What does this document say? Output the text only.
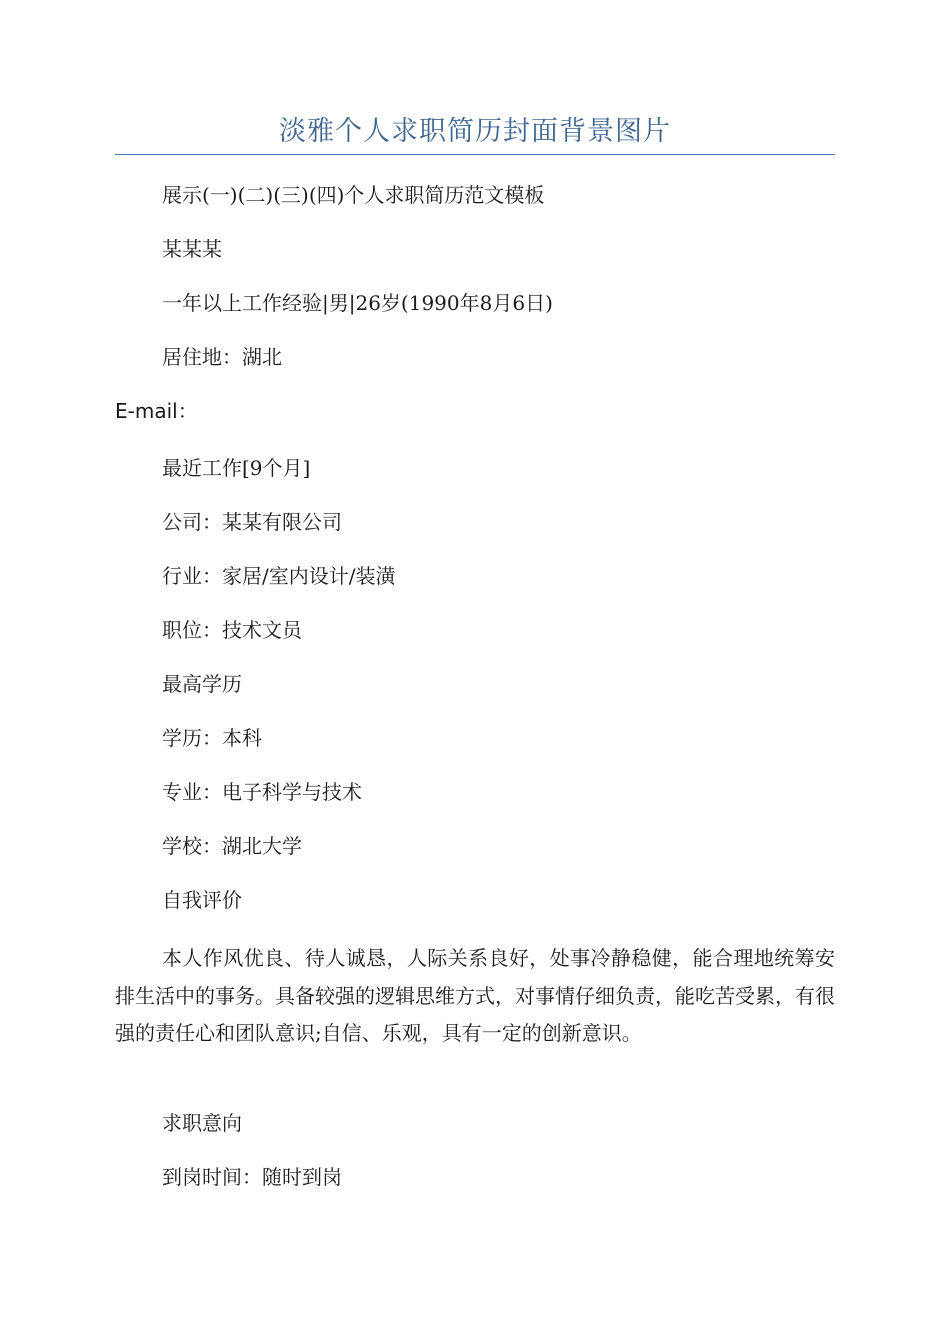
淡雅个人求职简历封面背景图片
展示(一)(二)(三)(四)个人求职简历范文模板
某某某
一年以上工作经验|男|26岁(1990年8月6日)
居住地：湖北
E-mail：
最近工作[9个月]
公司：某某有限公司
行业：家居/室内设计/装潢
职位：技术文员
最高学历
学历：本科
专业：电子科学与技术
学校：湖北大学
自我评价
本人作风优良、待人诚恳，人际关系良好，处事冷静稳健，能合理地统筹安排生活中的事务。具备较强的逻辑思维方式，对事情仔细负责，能吃苦受累，有很强的责任心和团队意识;自信、乐观，具有一定的创新意识。
求职意向
到岗时间：随时到岗
